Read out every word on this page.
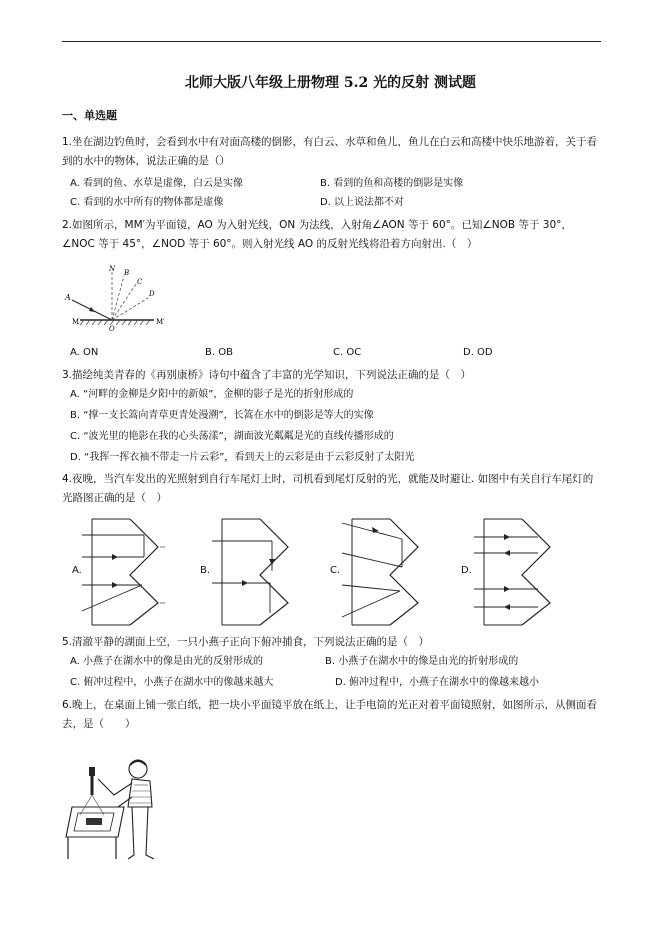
北师大版八年级上册物理 5.2 光的反射 测试题
一、单选题
1.坐在湖边钓鱼时，会看到水中有对面高楼的倒影，有白云、水草和鱼儿，鱼儿在白云和高楼中快乐地游着，关于看到的水中的物体，说法正确的是（）
A. 看到的鱼、水草是虚像，白云是实像	B. 看到的鱼和高楼的倒影是实像
C. 看到的水中所有的物体都是虚像	D. 以上说法都不对
2.如图所示，MM′为平面镜，AO 为入射光线，ON 为法线，入射角∠AON 等于 60°。已知∠NOB 等于 30°，∠NOC 等于 45°，∠NOD 等于 60°。则入射光线 AO 的反射光线将沿着方向射出.（　）
A
N B
C
D
M
O
M′
A. ON	B. OB	C. OC	D. OD
3.描绘纯美青春的《再别康桥》诗句中蕴含了丰富的光学知识，下列说法正确的是（　）
A. “河畔的金柳是夕阳中的新娘”，金柳的影子是光的折射形成的
B. “撑一支长篙向青草更青处漫溯”，长篙在水中的倒影是等大的实像
C. “波光里的艳影在我的心头荡漾”，湖面波光粼粼是光的直线传播形成的
D. “我挥一挥衣袖不带走一片云彩”，看到天上的云彩是由于云彩反射了太阳光
4.夜晚，当汽车发出的光照射到自行车尾灯上时，司机看到尾灯反射的光，就能及时避让. 如图中有关自行车尾灯的光路图正确的是（　）
A.	B.	C.	D.
5.清澈平静的湖面上空，一只小燕子正向下俯冲捕食，下列说法正确的是（　）
A. 小燕子在湖水中的像是由光的反射形成的	B. 小燕子在湖水中的像是由光的折射形成的
C. 俯冲过程中，小燕子在湖水中的像越来越大	D. 俯冲过程中，小燕子在湖水中的像越来越小
6.晚上，在桌面上铺一张白纸，把一块小平面镜平放在纸上，让手电筒的光正对着平面镜照射，如图所示，从侧面看去，是（　　）
